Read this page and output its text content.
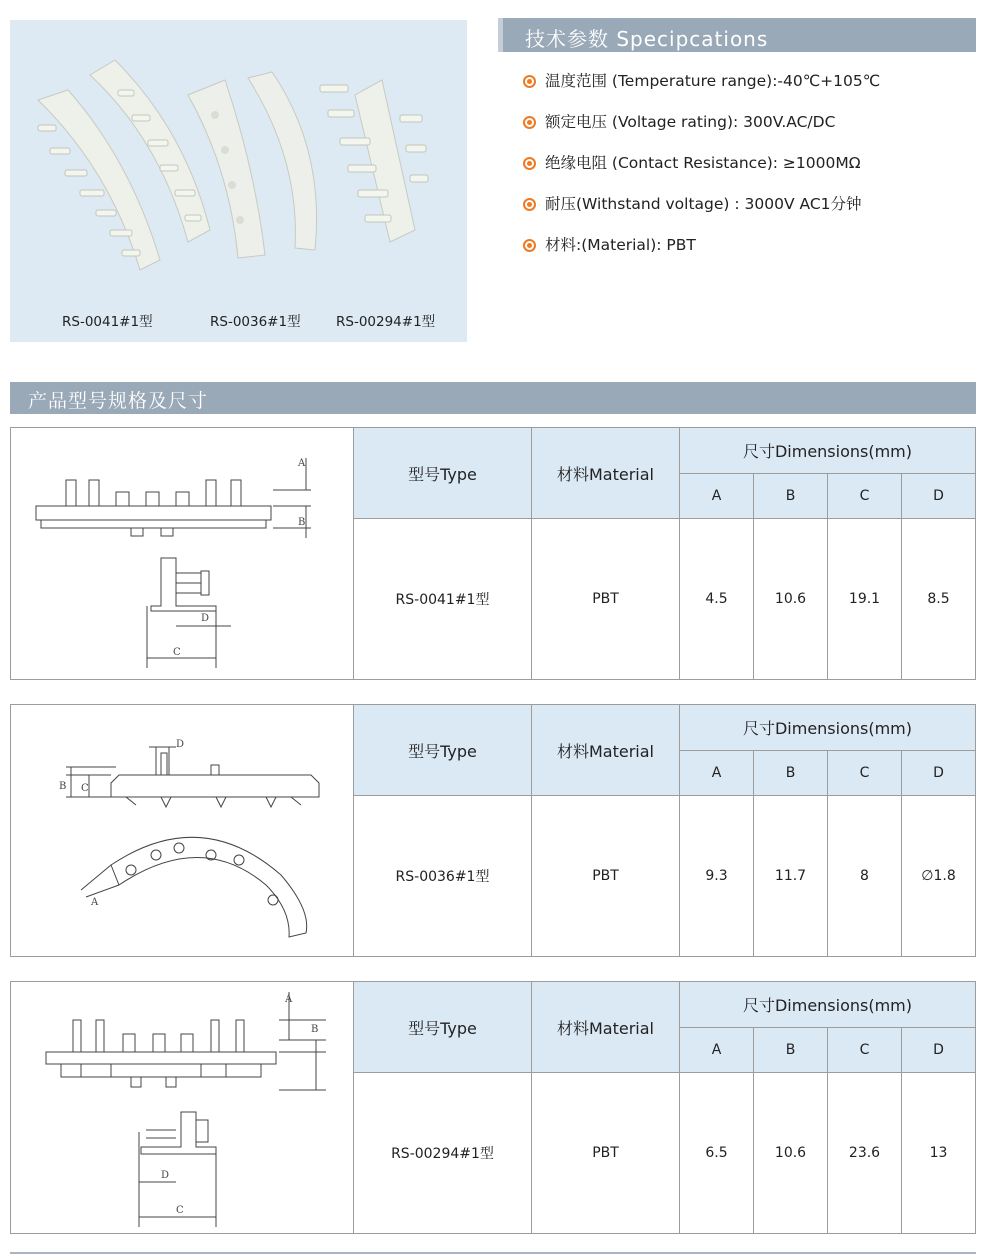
RS-0041#1型	RS-0036#1型	RS-00294#1型
技术参数 Specipcations
温度范围 (Temperature range):-40℃+105℃
额定电压 (Voltage rating): 300V.AC/DC
绝缘电阻 (Contact Resistance): ≥1000MΩ
耐压(Withstand voltage) : 3000V AC1分钟
材料:(Material): PBT
产品型号规格及尺寸
A
B
D
C
型号Type	材料Material
尺寸Dimensions(mm)
A	B	C	D
RS-0041#1型	PBT	4.5	10.6	19.1	8.5
D
B C
A
型号Type	材料Material
尺寸Dimensions(mm)
A	B	C	D
RS-0036#1型	PBT	9.3	11.7	8	∅1.8
A
B
D
C
型号Type	材料Material
尺寸Dimensions(mm)
A	B	C	D
RS-00294#1型	PBT	6.5	10.6	23.6	13
